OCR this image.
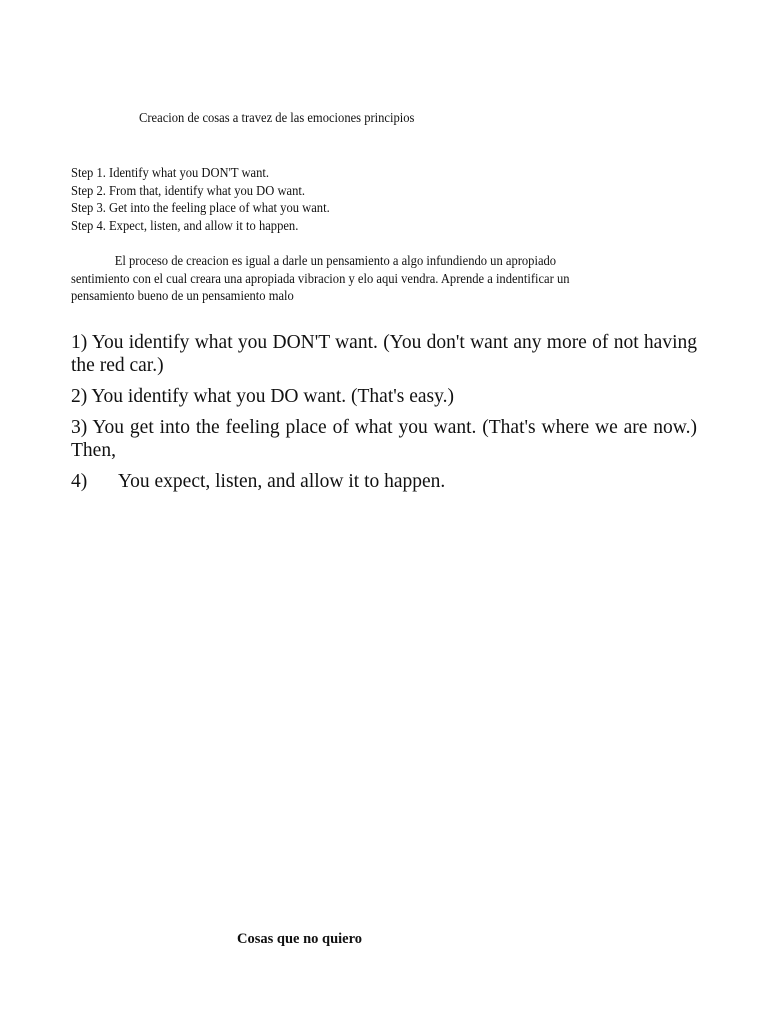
Creacion de cosas a travez de las emociones principios
Step 1. Identify what you DON'T want.
Step 2. From that, identify what you DO want.
Step 3. Get into the feeling place of what you want.
Step 4. Expect, listen, and allow it to happen.
El proceso de creacion es igual a darle un pensamiento a algo infundiendo un apropiado
sentimiento con el cual creara una apropiada vibracion y elo aqui vendra. Aprende a indentificar un
pensamiento bueno de un pensamiento malo
1) You identify what you DON'T want. (You don't want any more of not having the red car.)
2) You identify what you DO want. (That's easy.)
3) You get into the feeling place of what you want. (That's where we are now.) Then,
4) You expect, listen, and allow it to happen.
Cosas que no quiero
